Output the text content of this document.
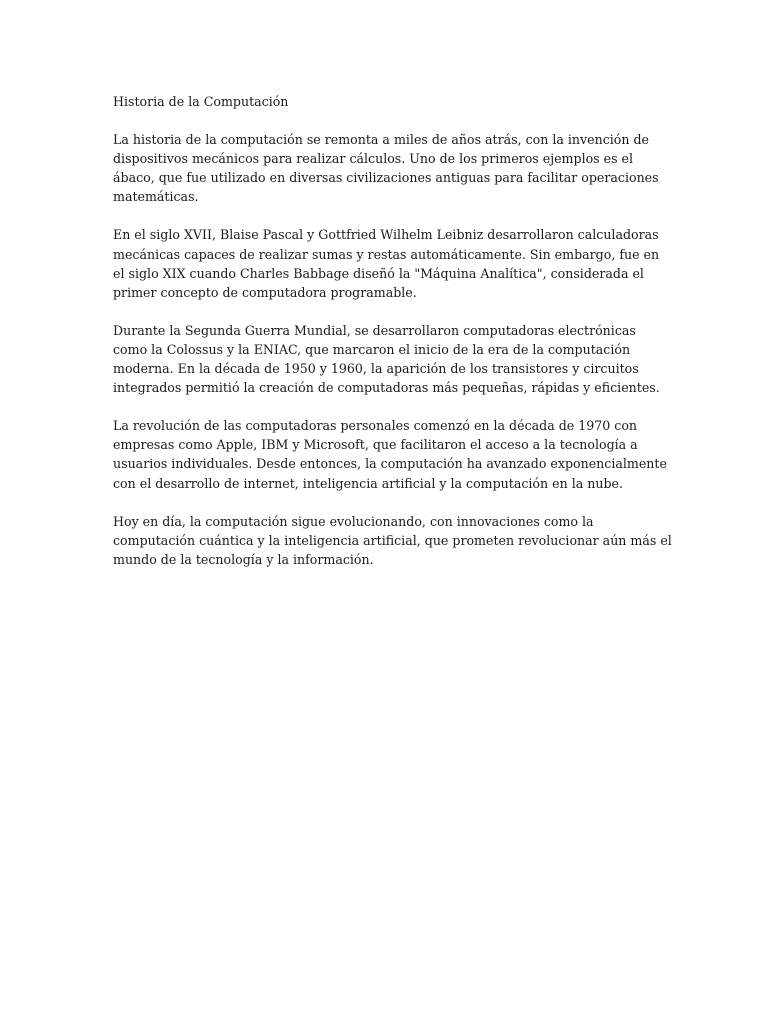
Historia de la Computación

La historia de la computación se remonta a miles de años atrás, con la invención de dispositivos mecánicos para realizar cálculos. Uno de los primeros ejemplos es el ábaco, que fue utilizado en diversas civilizaciones antiguas para facilitar operaciones matemáticas.

En el siglo XVII, Blaise Pascal y Gottfried Wilhelm Leibniz desarrollaron calculadoras mecánicas capaces de realizar sumas y restas automáticamente. Sin embargo, fue en el siglo XIX cuando Charles Babbage diseñó la "Máquina Analítica", considerada el primer concepto de computadora programable.

Durante la Segunda Guerra Mundial, se desarrollaron computadoras electrónicas como la Colossus y la ENIAC, que marcaron el inicio de la era de la computación moderna. En la década de 1950 y 1960, la aparición de los transistores y circuitos integrados permitió la creación de computadoras más pequeñas, rápidas y eficientes.

La revolución de las computadoras personales comenzó en la década de 1970 con empresas como Apple, IBM y Microsoft, que facilitaron el acceso a la tecnología a usuarios individuales. Desde entonces, la computación ha avanzado exponencialmente con el desarrollo de internet, inteligencia artificial y la computación en la nube.

Hoy en día, la computación sigue evolucionando, con innovaciones como la computación cuántica y la inteligencia artificial, que prometen revolucionar aún más el mundo de la tecnología y la información.
